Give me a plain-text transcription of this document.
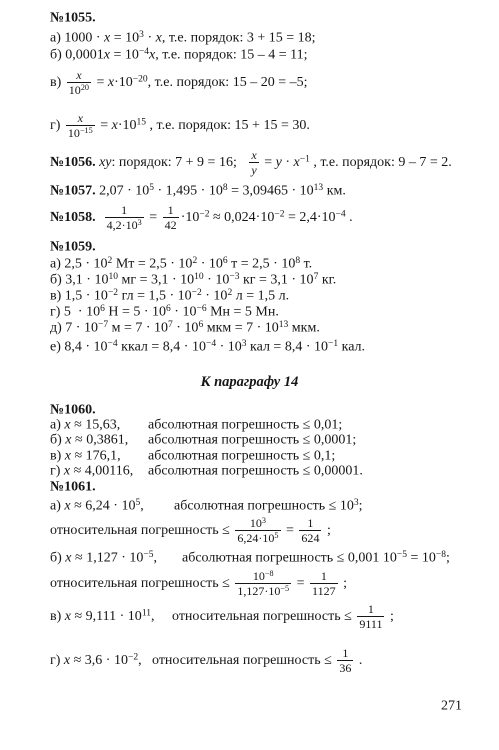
№1055.
а) $1000 \cdot x = 10^3 \cdot x$, т.е. порядок: 3 + 15 = 18;
б) $0,0001x = 10^{-4}x$, т.е. порядок: 15 – 4 = 11;
$в) \frac{x}{10^{20}} = x\cdot 10^{-20}$, т.е. порядок: 15 – 20 = –5;
$г) \frac{x}{10^{-15}} = x\cdot 10^{15}$ , т.е. порядок: 15 + 15 = 30.
№1056. xy: порядок: 7 + 9 = 16; $\frac{x}{y} = y \cdot x^{-1}$ , т.е. порядок: 9 – 7 = 2.
№1057. $2,07 \cdot 10^5 \cdot 1,495 \cdot 10^8 = 3,09465 \cdot 10^{13}$ км.
№1058. $\frac{1}{4,2\cdot 10^3} = \frac{1}{42} \cdot 10^{-2} \approx 0,024\cdot 10^{-2} = 2,4\cdot 10^{-4}$ .
№1059.
а) $2,5 \cdot 10^2$ Мт = $2,5 \cdot 10^2 \cdot 10^6$ $т = 2,5 \cdot 10^8$ т.
б) $3,1 \cdot 10^{10}$ мг = $3,1 \cdot 10^{10} \cdot 10^{-3}$ кг = $3,1 \cdot 10^7$ кг.
в) $1,5 \cdot 10^{-2}$ гл = $1,5 \cdot 10^{-2} \cdot 10^2$ л = 1,5 л.
г) $5 \cdot 10^6$ $Н = 5 \cdot 10^6 \cdot 10^{-6}$ Мн = 5 Мн.
д) $7 \cdot 10^{-7}$ $м = 7 \cdot 10^7 \cdot 10^6$ мкм = $7 \cdot 10^{13}$ мкм.
е) $8,4 \cdot 10^{-4}$ ккал = $8,4 \cdot 10^{-4} \cdot 10^3$ кал = $8,4 \cdot 10^{-1}$ кал.
К параграфу 14
№1060.
а) x ≈ 15,63, абсолютная погрешность ≤ 0,01;
б) x ≈ 0,3861, абсолютная погрешность ≤ 0,0001;
в) x ≈ 176,1, абсолютная погрешность ≤ 0,1;
г) x ≈ 4,00116, абсолютная погрешность ≤ 0,00001.
№1061.
а) $x \approx 6,24 \cdot 10^5$, абсолютная погрешность ≤ $10^3$;
относительная погрешность ≤ $\frac{10^3}{6,24\cdot 10^5} = \frac{1}{624}$ ;
б) $x \approx 1,127 \cdot 10^{-5}$, абсолютная погрешность ≤ 0,001 $10^{-5} = 10^{-8}$;
относительная погрешность ≤ $\frac{10^{-8}}{1,127\cdot 10^{-5}} = \frac{1}{1127}$ ;
в) $x \approx 9,111 \cdot 10^{11}$, относительная погрешность ≤ $\frac{1}{9111}$ ;
г) $x \approx 3,6 \cdot 10^{-2}$, относительная погрешность ≤ $\frac{1}{36}$ .
271
